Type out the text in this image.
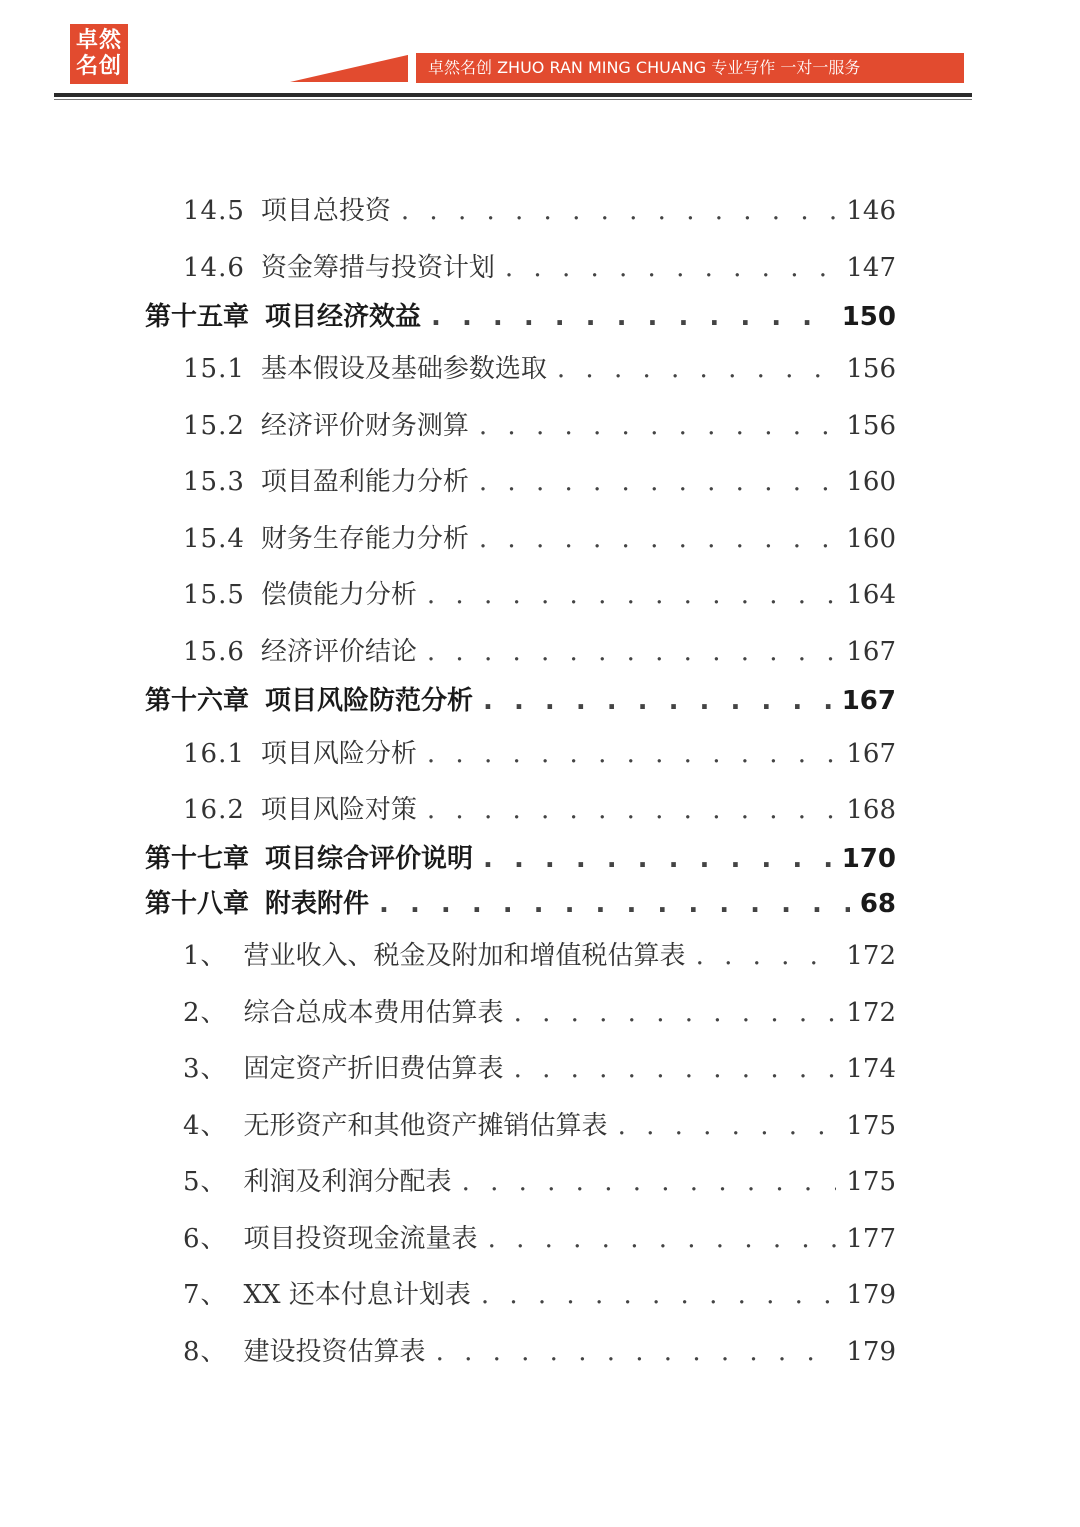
卓然
名创	卓然名创 ZHUO RAN MING CHUANG 专业写作 一对一服务
14.5 项目总投资 . . .	146
14.6 资金筹措与投资计划 . . .	147
第十五章 项目经济效益 . . .	150
15.1 基本假设及基础参数选取 . . .	156
15.2 经济评价财务测算 . . .	156
15.3 项目盈利能力分析 . . .	160
15.4 财务生存能力分析 . . .	160
15.5 偿债能力分析 . . .	164
15.6 经济评价结论 . . .	167
第十六章 项目风险防范分析 . . .	167
16.1 项目风险分析 . . .	167
16.2 项目风险对策 . . .	168
第十七章 项目综合评价说明 . . .	170
第十八章 附表附件 . . .	68
1、 营业收入、税金及附加和增值税估算表 . . .	172
2、 综合总成本费用估算表 . . .	172
3、 固定资产折旧费估算表 . . .	174
4、 无形资产和其他资产摊销估算表 . . .	175
5、 利润及利润分配表 . . .	175
6、 项目投资现金流量表 . . .	177
7、 XX 还本付息计划表 . . .	179
8、 建设投资估算表 . . .	179
